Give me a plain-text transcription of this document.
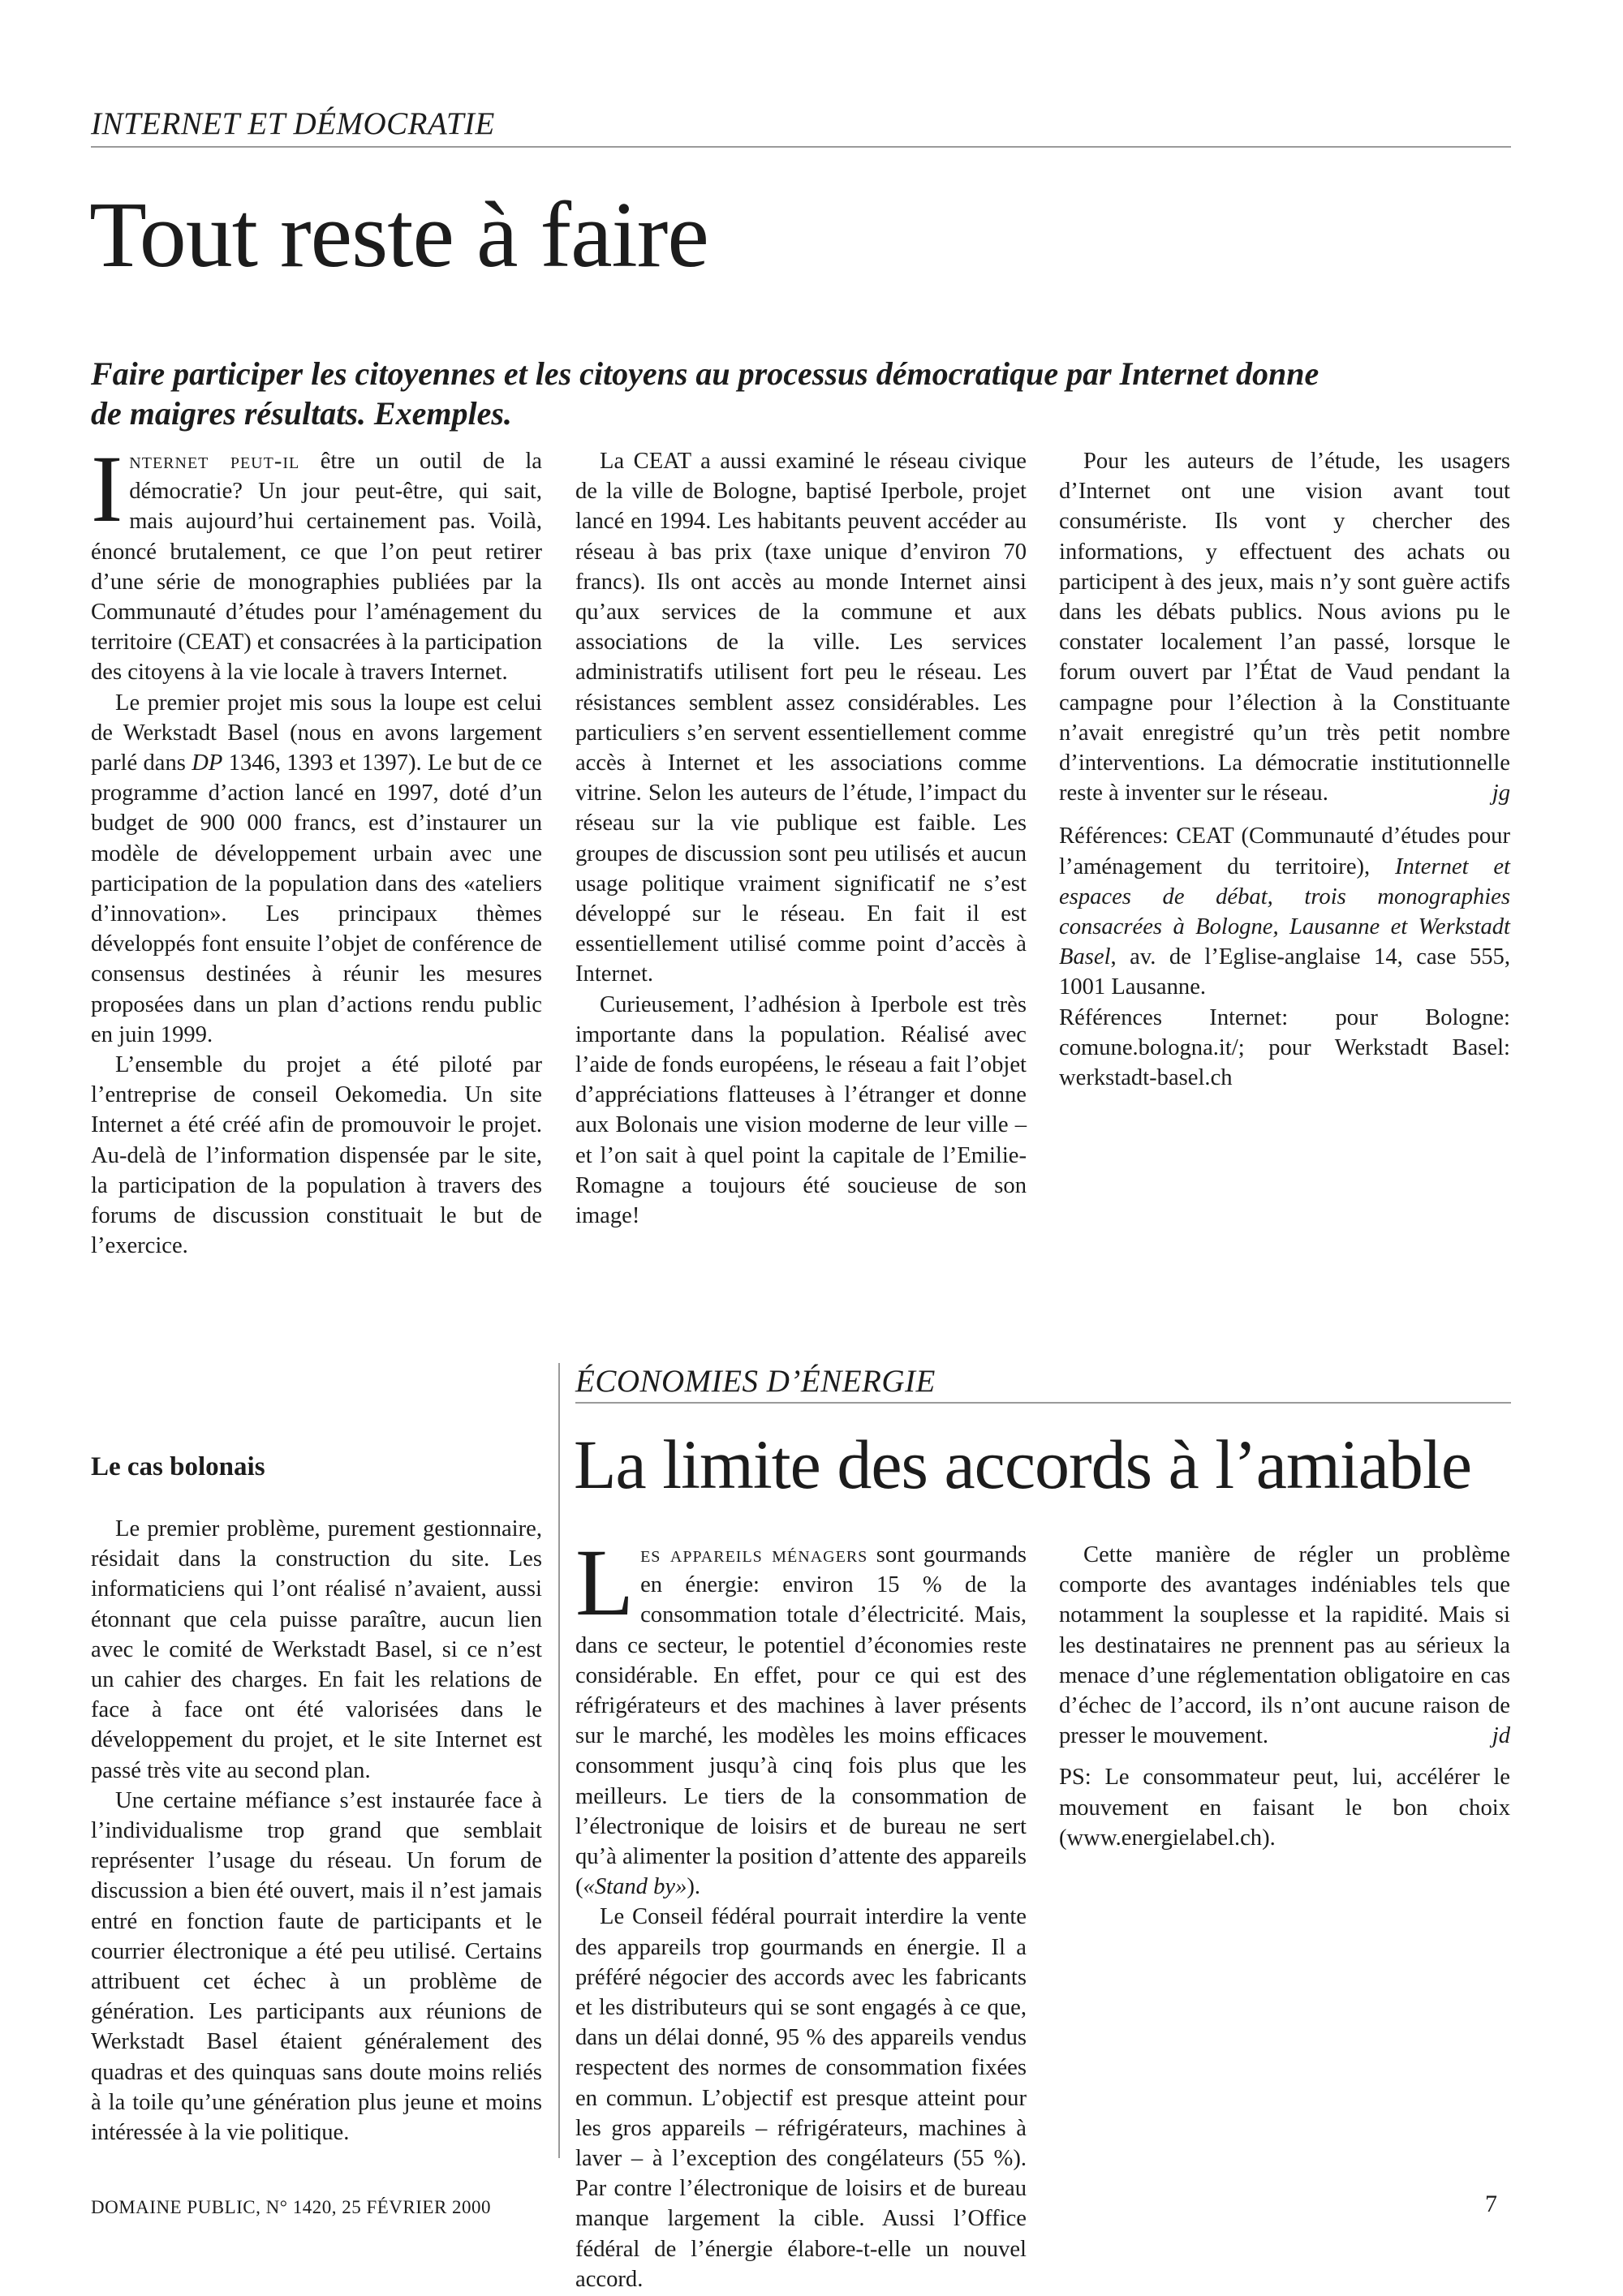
INTERNET ET DÉMOCRATIE
Tout reste à faire

Faire participer les citoyennes et les citoyens au processus démocratique par Internet donne de maigres résultats. Exemples.

Internet peut-il être un outil de la démocratie? Un jour peut-être, qui sait, mais aujourd’hui certainement pas. Voilà, énoncé brutalement, ce que l’on peut retirer d’une série de monographies publiées par la Communauté d’études pour l’aménagement du territoire (CEAT) et consacrées à la participation des citoyens à la vie locale à travers Internet.

Le premier projet mis sous la loupe est celui de Werkstadt Basel (nous en avons largement parlé dans DP 1346, 1393 et 1397). Le but de ce programme d’action lancé en 1997, doté d’un budget de 900 000 francs, est d’instaurer un modèle de développement urbain avec une participation de la population dans des «ateliers d’innovation». Les principaux thèmes développés font ensuite l’objet de conférence de consensus destinées à réunir les mesures proposées dans un plan d’actions rendu public en juin 1999.

L’ensemble du projet a été piloté par l’entreprise de conseil Oekomedia. Un site Internet a été créé afin de promouvoir le projet. Au-delà de l’information dispensée par le site, la participation de la population à travers des forums de discussion constituait le but de l’exercice.

Le cas bolonais

Le premier problème, purement gestionnaire, résidait dans la construction du site. Les informaticiens qui l’ont réalisé n’avaient, aussi étonnant que cela puisse paraître, aucun lien avec le comité de Werkstadt Basel, si ce n’est un cahier des charges. En fait les relations de face à face ont été valorisées dans le développement du projet, et le site Internet est passé très vite au second plan.

Une certaine méfiance s’est instaurée face à l’individualisme trop grand que semblait représenter l’usage du réseau. Un forum de discussion a bien été ouvert, mais il n’est jamais entré en fonction faute de participants et le courrier électronique a été peu utilisé. Certains attribuent cet échec à un problème de génération. Les participants aux réunions de Werkstadt Basel étaient généralement des quadras et des quinquas sans doute moins reliés à la toile qu’une génération plus jeune et moins intéressée à la vie politique.

La CEAT a aussi examiné le réseau civique de la ville de Bologne, baptisé Iperbole, projet lancé en 1994. Les habitants peuvent accéder au réseau à bas prix (taxe unique d’environ 70 francs). Ils ont accès au monde Internet ainsi qu’aux services de la commune et aux associations de la ville. Les services administratifs utilisent fort peu le réseau. Les résistances semblent assez considérables. Les particuliers s’en servent essentiellement comme accès à Internet et les associations comme vitrine. Selon les auteurs de l’étude, l’impact du réseau sur la vie publique est faible. Les groupes de discussion sont peu utilisés et aucun usage politique vraiment significatif ne s’est développé sur le réseau. En fait il est essentiellement utilisé comme point d’accès à Internet.

Curieusement, l’adhésion à Iperbole est très importante dans la population. Réalisé avec l’aide de fonds européens, le réseau a fait l’objet d’appréciations flatteuses à l’étranger et donne aux Bolonais une vision moderne de leur ville – et l’on sait à quel point la capitale de l’Emilie-Romagne a toujours été soucieuse de son image!

Pour les auteurs de l’étude, les usagers d’Internet ont une vision avant tout consumériste. Ils vont y chercher des informations, y effectuent des achats ou participent à des jeux, mais n’y sont guère actifs dans les débats publics. Nous avions pu le constater localement l’an passé, lorsque le forum ouvert par l’État de Vaud pendant la campagne pour l’élection à la Constituante n’avait enregistré qu’un très petit nombre d’interventions. La démocratie institutionnelle reste à inventer sur le réseau.	jg

Références: CEAT (Communauté d’études pour l’aménagement du territoire), Internet et espaces de débat, trois monographies consacrées à Bologne, Lausanne et Werkstadt Basel, av. de l’Eglise-anglaise 14, case 555, 1001 Lausanne.

Références Internet: pour Bologne: comune.bologna.it/; pour Werkstadt Basel: werkstadt-basel.ch

ÉCONOMIES D’ÉNERGIE
La limite des accords à l’amiable

Les appareils ménagers sont gourmands en énergie: environ 15 % de la consommation totale d’électricité. Mais, dans ce secteur, le potentiel d’économies reste considérable. En effet, pour ce qui est des réfrigérateurs et des machines à laver présents sur le marché, les modèles les moins efficaces consomment jusqu’à cinq fois plus que les meilleurs. Le tiers de la consommation de l’électronique de loisirs et de bureau ne sert qu’à alimenter la position d’attente des appareils («Stand by»).

Le Conseil fédéral pourrait interdire la vente des appareils trop gourmands en énergie. Il a préféré négocier des accords avec les fabricants et les distributeurs qui se sont engagés à ce que, dans un délai donné, 95 % des appareils vendus respectent des normes de consommation fixées en commun. L’objectif est presque atteint pour les gros appareils – réfrigérateurs, machines à laver – à l’exception des congélateurs (55 %). Par contre l’électronique de loisirs et de bureau manque largement la cible. Aussi l’Office fédéral de l’énergie élabore-t-elle un nouvel accord.

Cette manière de régler un problème comporte des avantages indéniables tels que notamment la souplesse et la rapidité. Mais si les destinataires ne prennent pas au sérieux la menace d’une réglementation obligatoire en cas d’échec de l’accord, ils n’ont aucune raison de presser le mouvement.	jd

PS: Le consommateur peut, lui, accélérer le mouvement en faisant le bon choix (www.energielabel.ch).

DOMAINE PUBLIC, N° 1420, 25 FÉVRIER 2000	7
